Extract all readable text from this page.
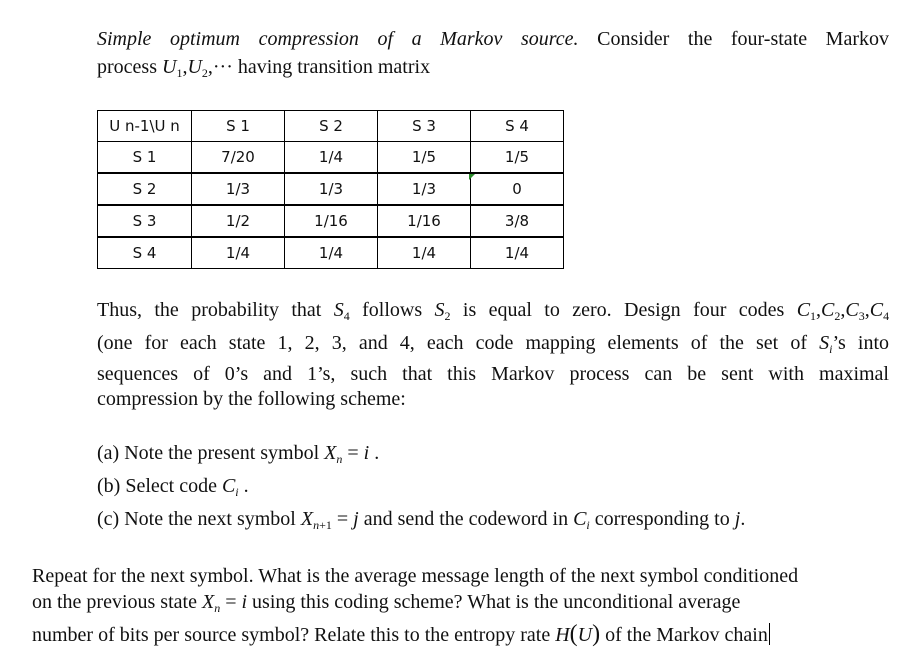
Simple optimum compression of a Markov source. Consider the four-state Markov
process $U_1,U_2,\cdot\cdot\cdot$ having transition matrix
U n-1\U n	S 1	S 2	S 3	S 4
S 1	7/20	1/4	1/5	1/5
S 2	1/3	1/3	1/3	0
S 3	1/2	1/16	1/16	3/8
S 4	1/4	1/4	1/4	1/4
Thus, the probability that $S_4$ follows $S_2$ is equal to zero. Design four codes $C_1,C_2,C_3,C_4$
(one for each state 1, 2, 3, and 4, each code mapping elements of the set of $S_i’s$ into
sequences of 0’s and 1’s, such that this Markov process can be sent with maximal
compression by the following scheme:
(a) Note the present symbol $X_n = i$ .
(b) Select code $C_i$ .
(c) Note the next symbol $X_{n+1} = j$ and send the codeword in $C_i$ corresponding to j.
Repeat for the next symbol. What is the average message length of the next symbol conditioned
on the previous state $X_n = i$ using this coding scheme? What is the unconditional average
number of bits per source symbol? Relate this to the entropy rate H(U) of the Markov chain
